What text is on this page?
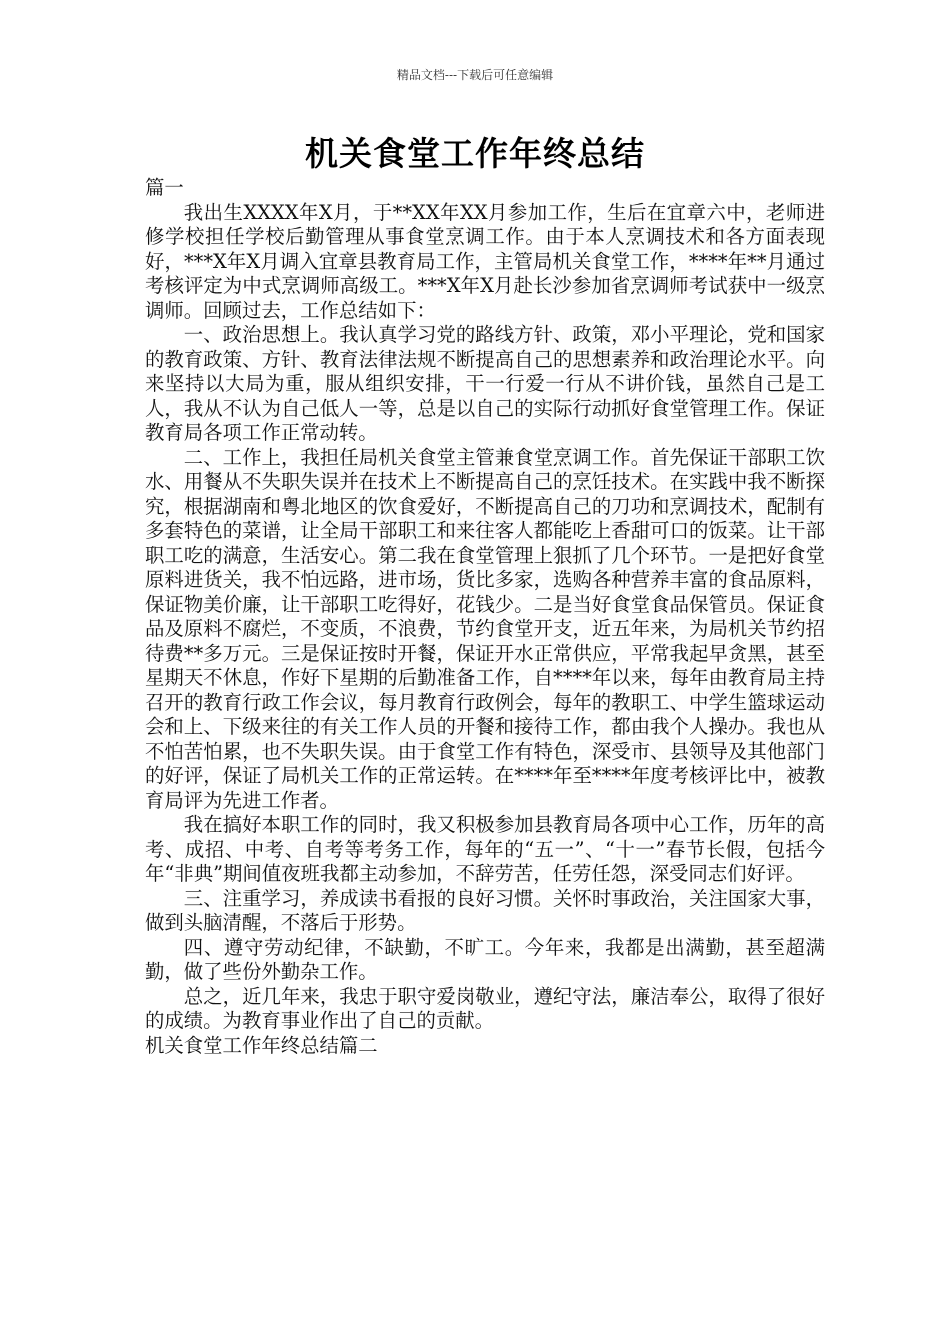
精品文档---下载后可任意编辑
机关食堂工作年终总结

篇一

我出生XXXX年X月，于**XX年XX月参加工作，生后在宜章六中，老师进修学校担任学校后勤管理从事食堂烹调工作。由于本人烹调技术和各方面表现好，***X年X月调入宜章县教育局工作，主管局机关食堂工作，****年**月通过考核评定为中式烹调师高级工。***X年X月赴长沙参加省烹调师考试获中一级烹调师。回顾过去，工作总结如下：

一、政治思想上。我认真学习党的路线方针、政策，邓小平理论，党和国家的教育政策、方针、教育法律法规不断提高自己的思想素养和政治理论水平。向来坚持以大局为重，服从组织安排，干一行爱一行从不讲价钱，虽然自己是工人，我从不认为自己低人一等，总是以自己的实际行动抓好食堂管理工作。保证教育局各项工作正常动转。

二、工作上，我担任局机关食堂主管兼食堂烹调工作。首先保证干部职工饮水、用餐从不失职失误并在技术上不断提高自己的烹饪技术。在实践中我不断探究，根据湖南和粤北地区的饮食爱好，不断提高自己的刀功和烹调技术，配制有多套特色的菜谱，让全局干部职工和来往客人都能吃上香甜可口的饭菜。让干部职工吃的满意，生活安心。第二我在食堂管理上狠抓了几个环节。一是把好食堂原料进货关，我不怕远路，进市场，货比多家，选购各种营养丰富的食品原料，保证物美价廉，让干部职工吃得好，花钱少。二是当好食堂食品保管员。保证食品及原料不腐烂，不变质，不浪费，节约食堂开支，近五年来，为局机关节约招待费**多万元。三是保证按时开餐，保证开水正常供应，平常我起早贪黑，甚至星期天不休息，作好下星期的后勤准备工作，自****年以来，每年由教育局主持召开的教育行政工作会议，每月教育行政例会，每年的教职工、中学生篮球运动会和上、下级来往的有关工作人员的开餐和接待工作，都由我个人操办。我也从不怕苦怕累，也不失职失误。由于食堂工作有特色，深受市、县领导及其他部门的好评，保证了局机关工作的正常运转。在****年至****年度考核评比中，被教育局评为先进工作者。

我在搞好本职工作的同时，我又积极参加县教育局各项中心工作，历年的高考、成招、中考、自考等考务工作，每年的“五一”、“十一”春节长假，包括今年“非典”期间值夜班我都主动参加，不辞劳苦，任劳任怨，深受同志们好评。

三、注重学习，养成读书看报的良好习惯。关怀时事政治，关注国家大事，做到头脑清醒，不落后于形势。

四、遵守劳动纪律，不缺勤，不旷工。今年来，我都是出满勤，甚至超满勤，做了些份外勤杂工作。

总之，近几年来，我忠于职守爱岗敬业，遵纪守法，廉洁奉公，取得了很好的成绩。为教育事业作出了自己的贡献。

机关食堂工作年终总结篇二
